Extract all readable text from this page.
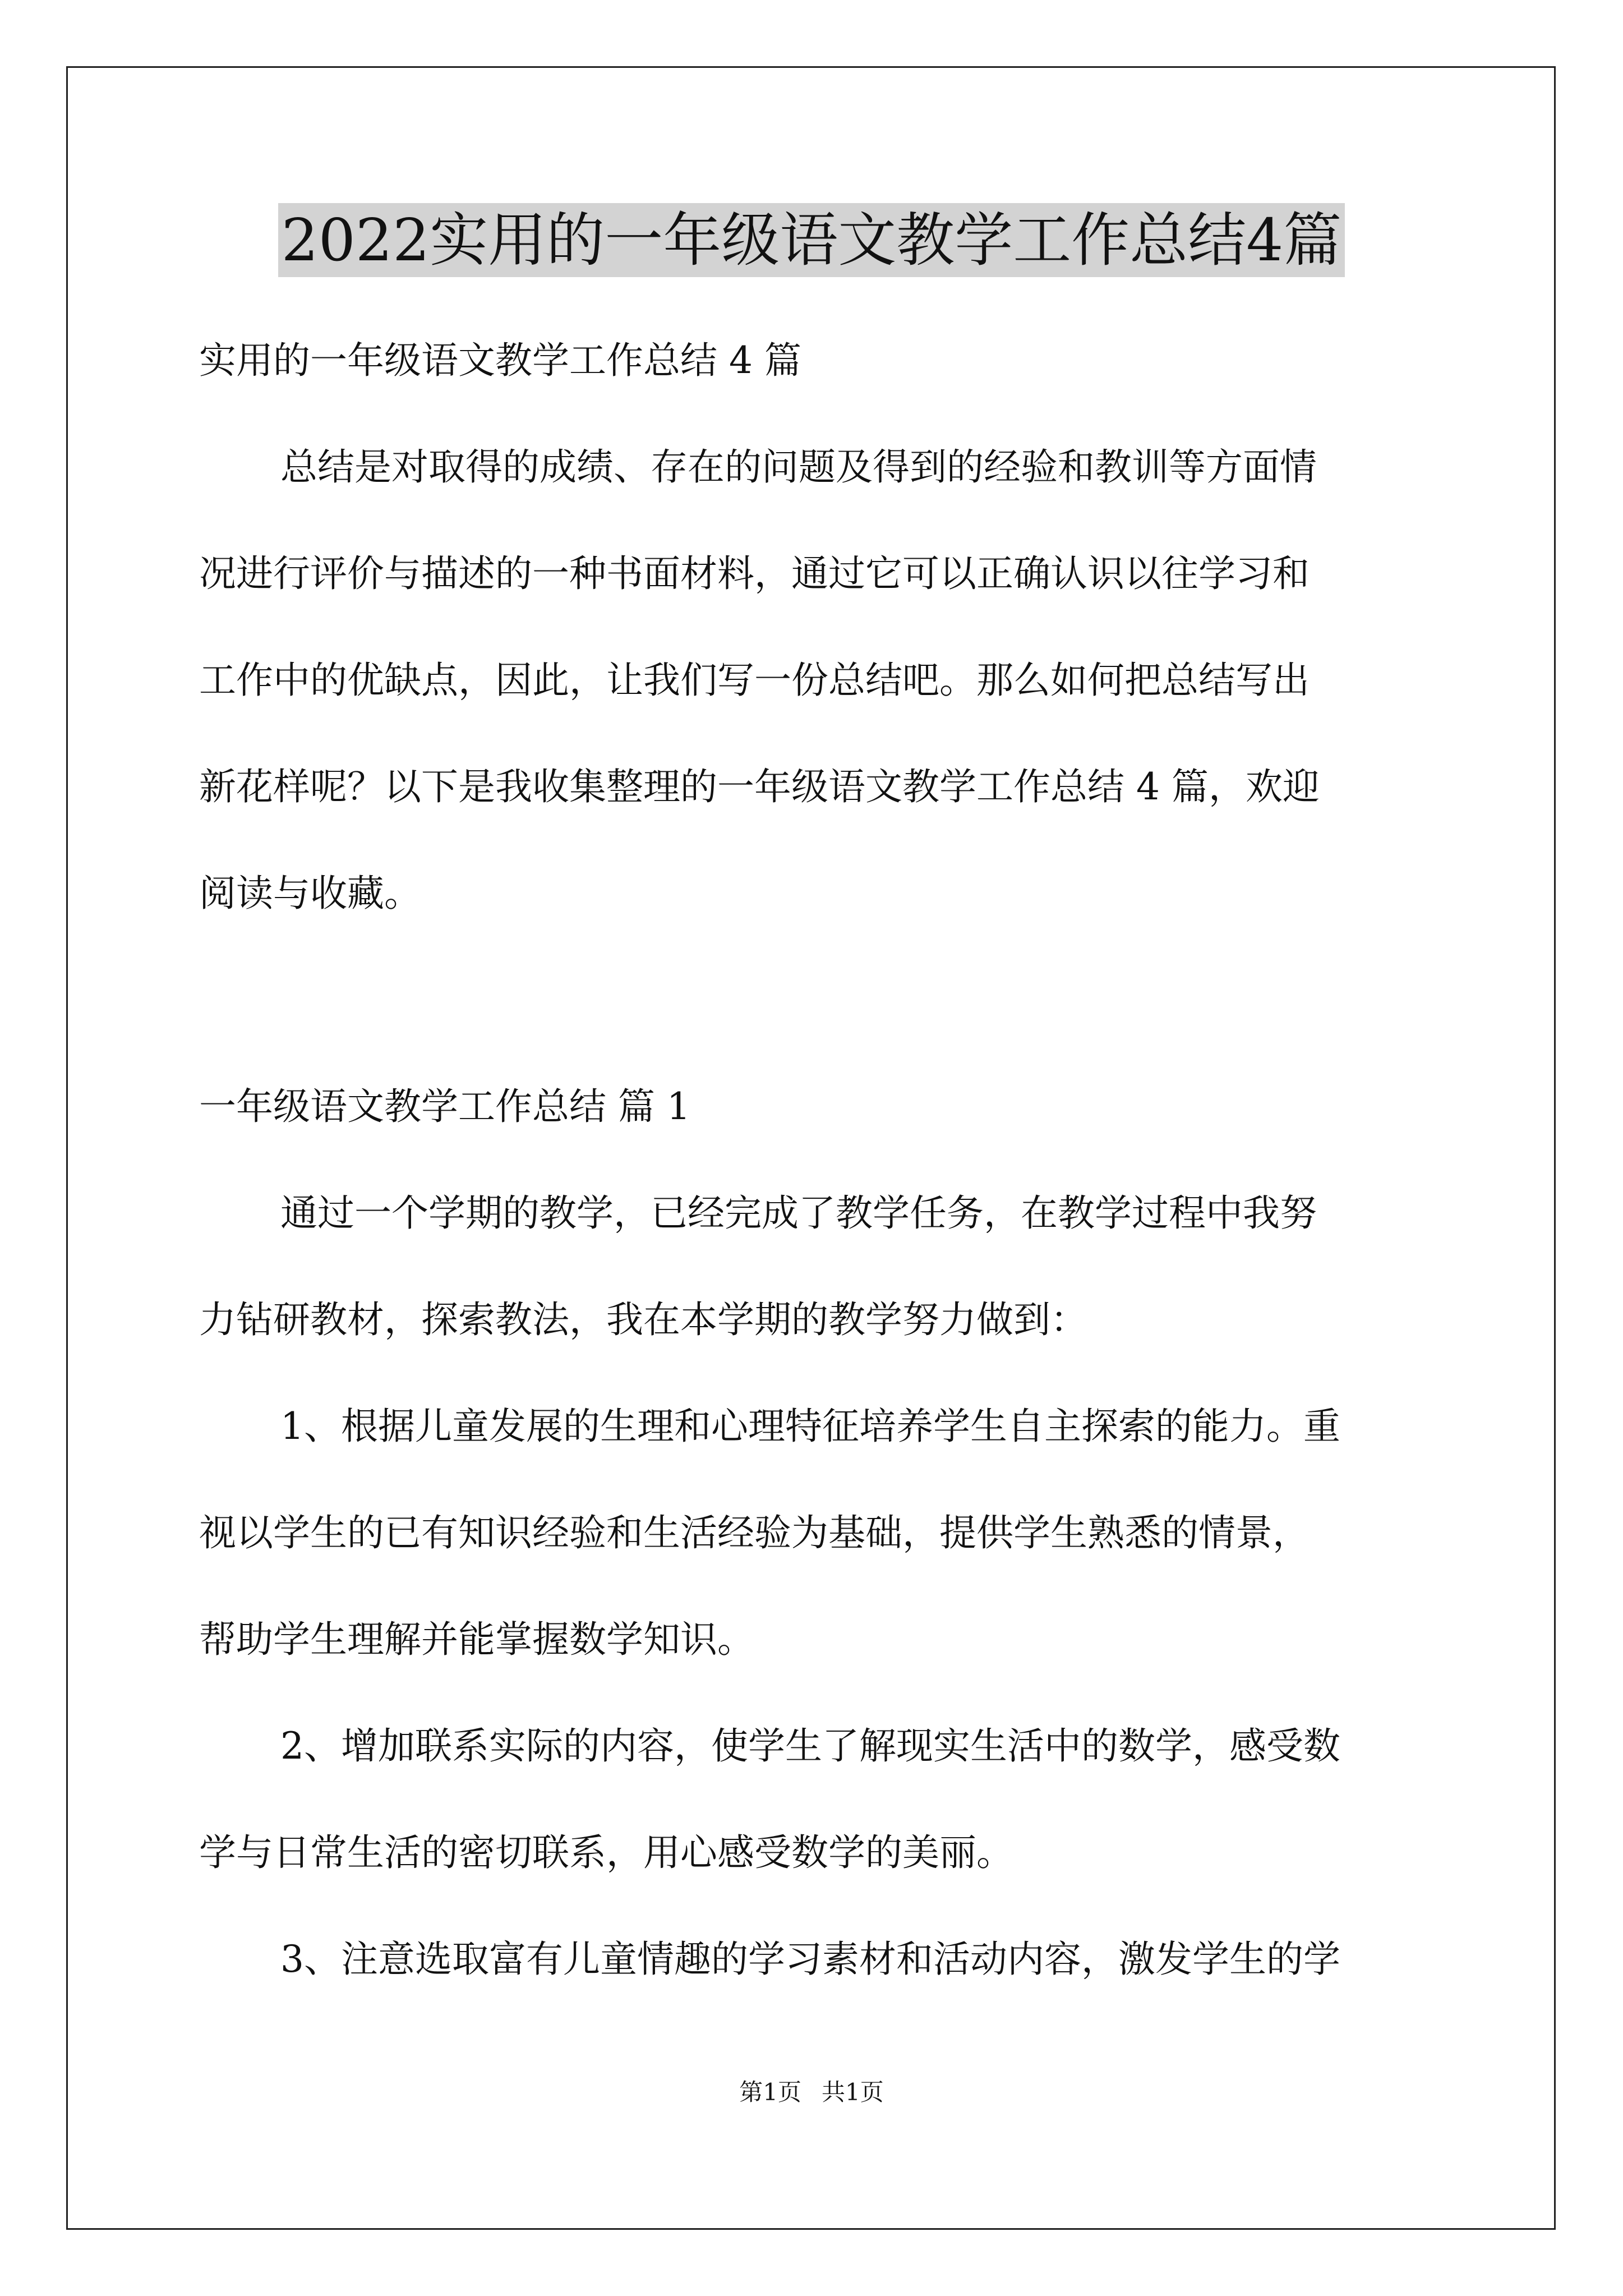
2022实用的一年级语文教学工作总结4篇
实用的一年级语文教学工作总结 4 篇
总结是对取得的成绩、存在的问题及得到的经验和教训等方面情
况进行评价与描述的一种书面材料，通过它可以正确认识以往学习和
工作中的优缺点，因此，让我们写一份总结吧。那么如何把总结写出
新花样呢？以下是我收集整理的一年级语文教学工作总结 4 篇，欢迎
阅读与收藏。
一年级语文教学工作总结 篇 1
通过一个学期的教学，已经完成了教学任务，在教学过程中我努
力钻研教材，探索教法，我在本学期的教学努力做到：
1、根据儿童发展的生理和心理特征培养学生自主探索的能力。重
视以学生的已有知识经验和生活经验为基础，提供学生熟悉的情景，
帮助学生理解并能掌握数学知识。
2、增加联系实际的内容，使学生了解现实生活中的数学，感受数
学与日常生活的密切联系，用心感受数学的美丽。
3、注意选取富有儿童情趣的学习素材和活动内容，激发学生的学
第1页 共1页
